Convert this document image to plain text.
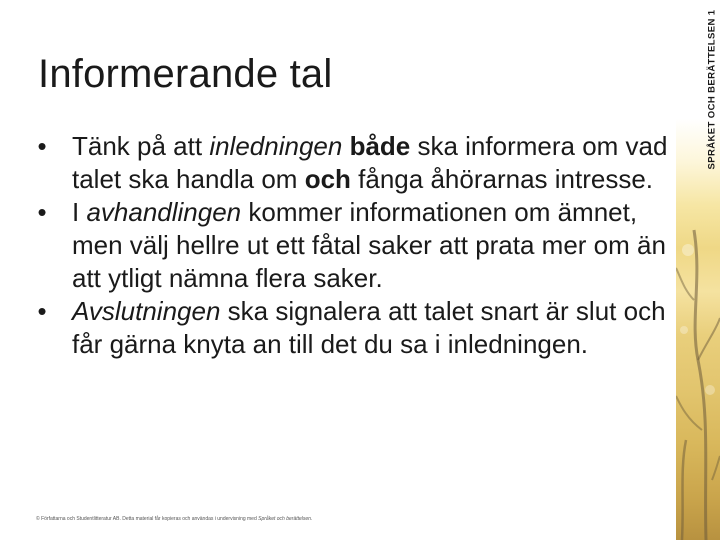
Informerande tal
• Tänk på att inledningen både ska informera om vad talet ska handla om och fånga åhörarnas intresse.
• I avhandlingen kommer informationen om ämnet, men välj hellre ut ett fåtal saker att prata mer om än att ytligt nämna flera saker.
• Avslutningen ska signalera att talet snart är slut och får gärna knyta an till det du sa i inledningen.
© Författarna och Studentlitteratur AB. Detta material får kopieras och användas i undervisning med Språket och berättelsen.
SPRÅKET OCH BERÄTTELSEN 1
